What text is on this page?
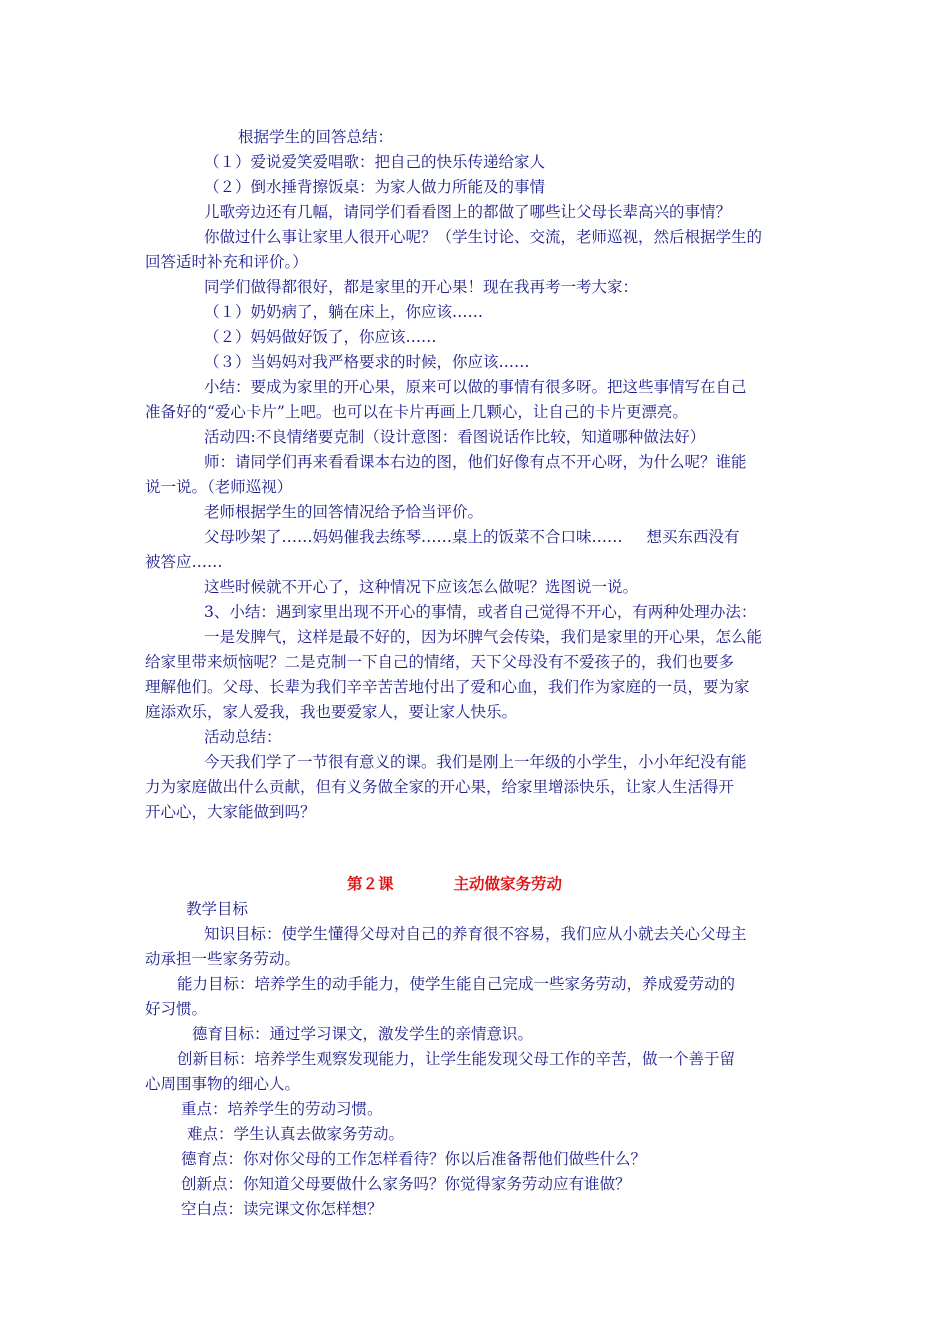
根据学生的回答总结：
（１）爱说爱笑爱唱歌：把自己的快乐传递给家人
（２）倒水捶背擦饭桌：为家人做力所能及的事情
儿歌旁边还有几幅，请同学们看看图上的都做了哪些让父母长辈高兴的事情？
你做过什么事让家里人很开心呢？（学生讨论、交流，老师巡视，然后根据学生的
回答适时补充和评价。）
同学们做得都很好，都是家里的开心果！现在我再考一考大家：
（１）奶奶病了，躺在床上，你应该……
（２）妈妈做好饭了，你应该……
（３）当妈妈对我严格要求的时候，你应该……
小结：要成为家里的开心果，原来可以做的事情有很多呀。把这些事情写在自己
准备好的“爱心卡片”上吧。也可以在卡片再画上几颗心，让自己的卡片更漂亮。
活动四:不良情绪要克制（设计意图：看图说话作比较，知道哪种做法好）
师：请同学们再来看看课本右边的图，他们好像有点不开心呀，为什么呢？谁能
说一说。（老师巡视）
老师根据学生的回答情况给予恰当评价。
父母吵架了……妈妈催我去练琴……桌上的饭菜不合口味…… 想买东西没有
被答应……
这些时候就不开心了，这种情况下应该怎么做呢？选图说一说。
3、小结：遇到家里出现不开心的事情，或者自己觉得不开心，有两种处理办法：
一是发脾气，这样是最不好的，因为坏脾气会传染，我们是家里的开心果，怎么能
给家里带来烦恼呢？二是克制一下自己的情绪，天下父母没有不爱孩子的，我们也要多
理解他们。父母、长辈为我们辛辛苦苦地付出了爱和心血，我们作为家庭的一员，要为家
庭添欢乐，家人爱我，我也要爱家人，要让家人快乐。
活动总结：
今天我们学了一节很有意义的课。我们是刚上一年级的小学生，小小年纪没有能
力为家庭做出什么贡献，但有义务做全家的开心果，给家里增添快乐，让家人生活得开
开心心，大家能做到吗？
第２课	主动做家务劳动
教学目标
知识目标：使学生懂得父母对自己的养育很不容易，我们应从小就去关心父母主
动承担一些家务劳动。
能力目标：培养学生的动手能力，使学生能自己完成一些家务劳动，养成爱劳动的
好习惯。
德育目标：通过学习课文，激发学生的亲情意识。
创新目标：培养学生观察发现能力，让学生能发现父母工作的辛苦，做一个善于留
心周围事物的细心人。
重点：培养学生的劳动习惯。
难点：学生认真去做家务劳动。
德育点：你对你父母的工作怎样看待？你以后准备帮他们做些什么？
创新点：你知道父母要做什么家务吗？你觉得家务劳动应有谁做？
空白点：读完课文你怎样想？
